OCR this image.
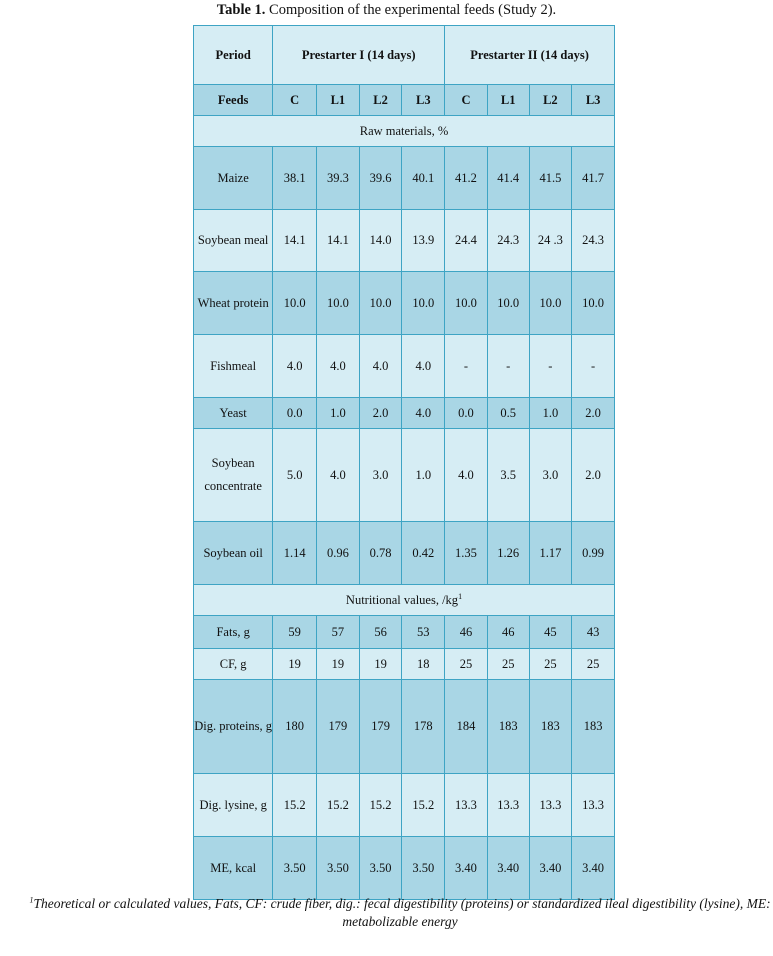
Table 1. Composition of the experimental feeds (Study 2).
Period	Prestarter I (14 days)				Prestarter II (14 days)			
Feeds	C	L1	L2	L3	C	L1	L2	L3
Raw materials, %								
Maize	38.1	39.3	39.6	40.1	41.2	41.4	41.5	41.7
Soybean meal	14.1	14.1	14.0	13.9	24.4	24.3	24 .3	24.3
Wheat protein	10.0	10.0	10.0	10.0	10.0	10.0	10.0	10.0
Fishmeal	4.0	4.0	4.0	4.0	-	-	-	-
Yeast	0.0	1.0	2.0	4.0	0.0	0.5	1.0	2.0
Soybean concentrate	5.0	4.0	3.0	1.0	4.0	3.5	3.0	2.0
Soybean oil	1.14	0.96	0.78	0.42	1.35	1.26	1.17	0.99
Nutritional values, $/kg^1$
Fats, g	59	57	56	53	46	46	45	43
CF, g	19	19	19	18	25	25	25	25
Dig. proteins, g	180	179	179	178	184	183	183	183
Dig. lysine, g	15.2	15.2	15.2	15.2	13.3	13.3	13.3	13.3
ME, kcal	3.50	3.50	3.50	3.50	3.40	3.40	3.40	3.40
$^1$Theoretical or calculated values, Fats, CF: crude fiber, dig.: fecal digestibility (proteins) or standardized ileal digestibility (lysine), ME: metabolizable energy
